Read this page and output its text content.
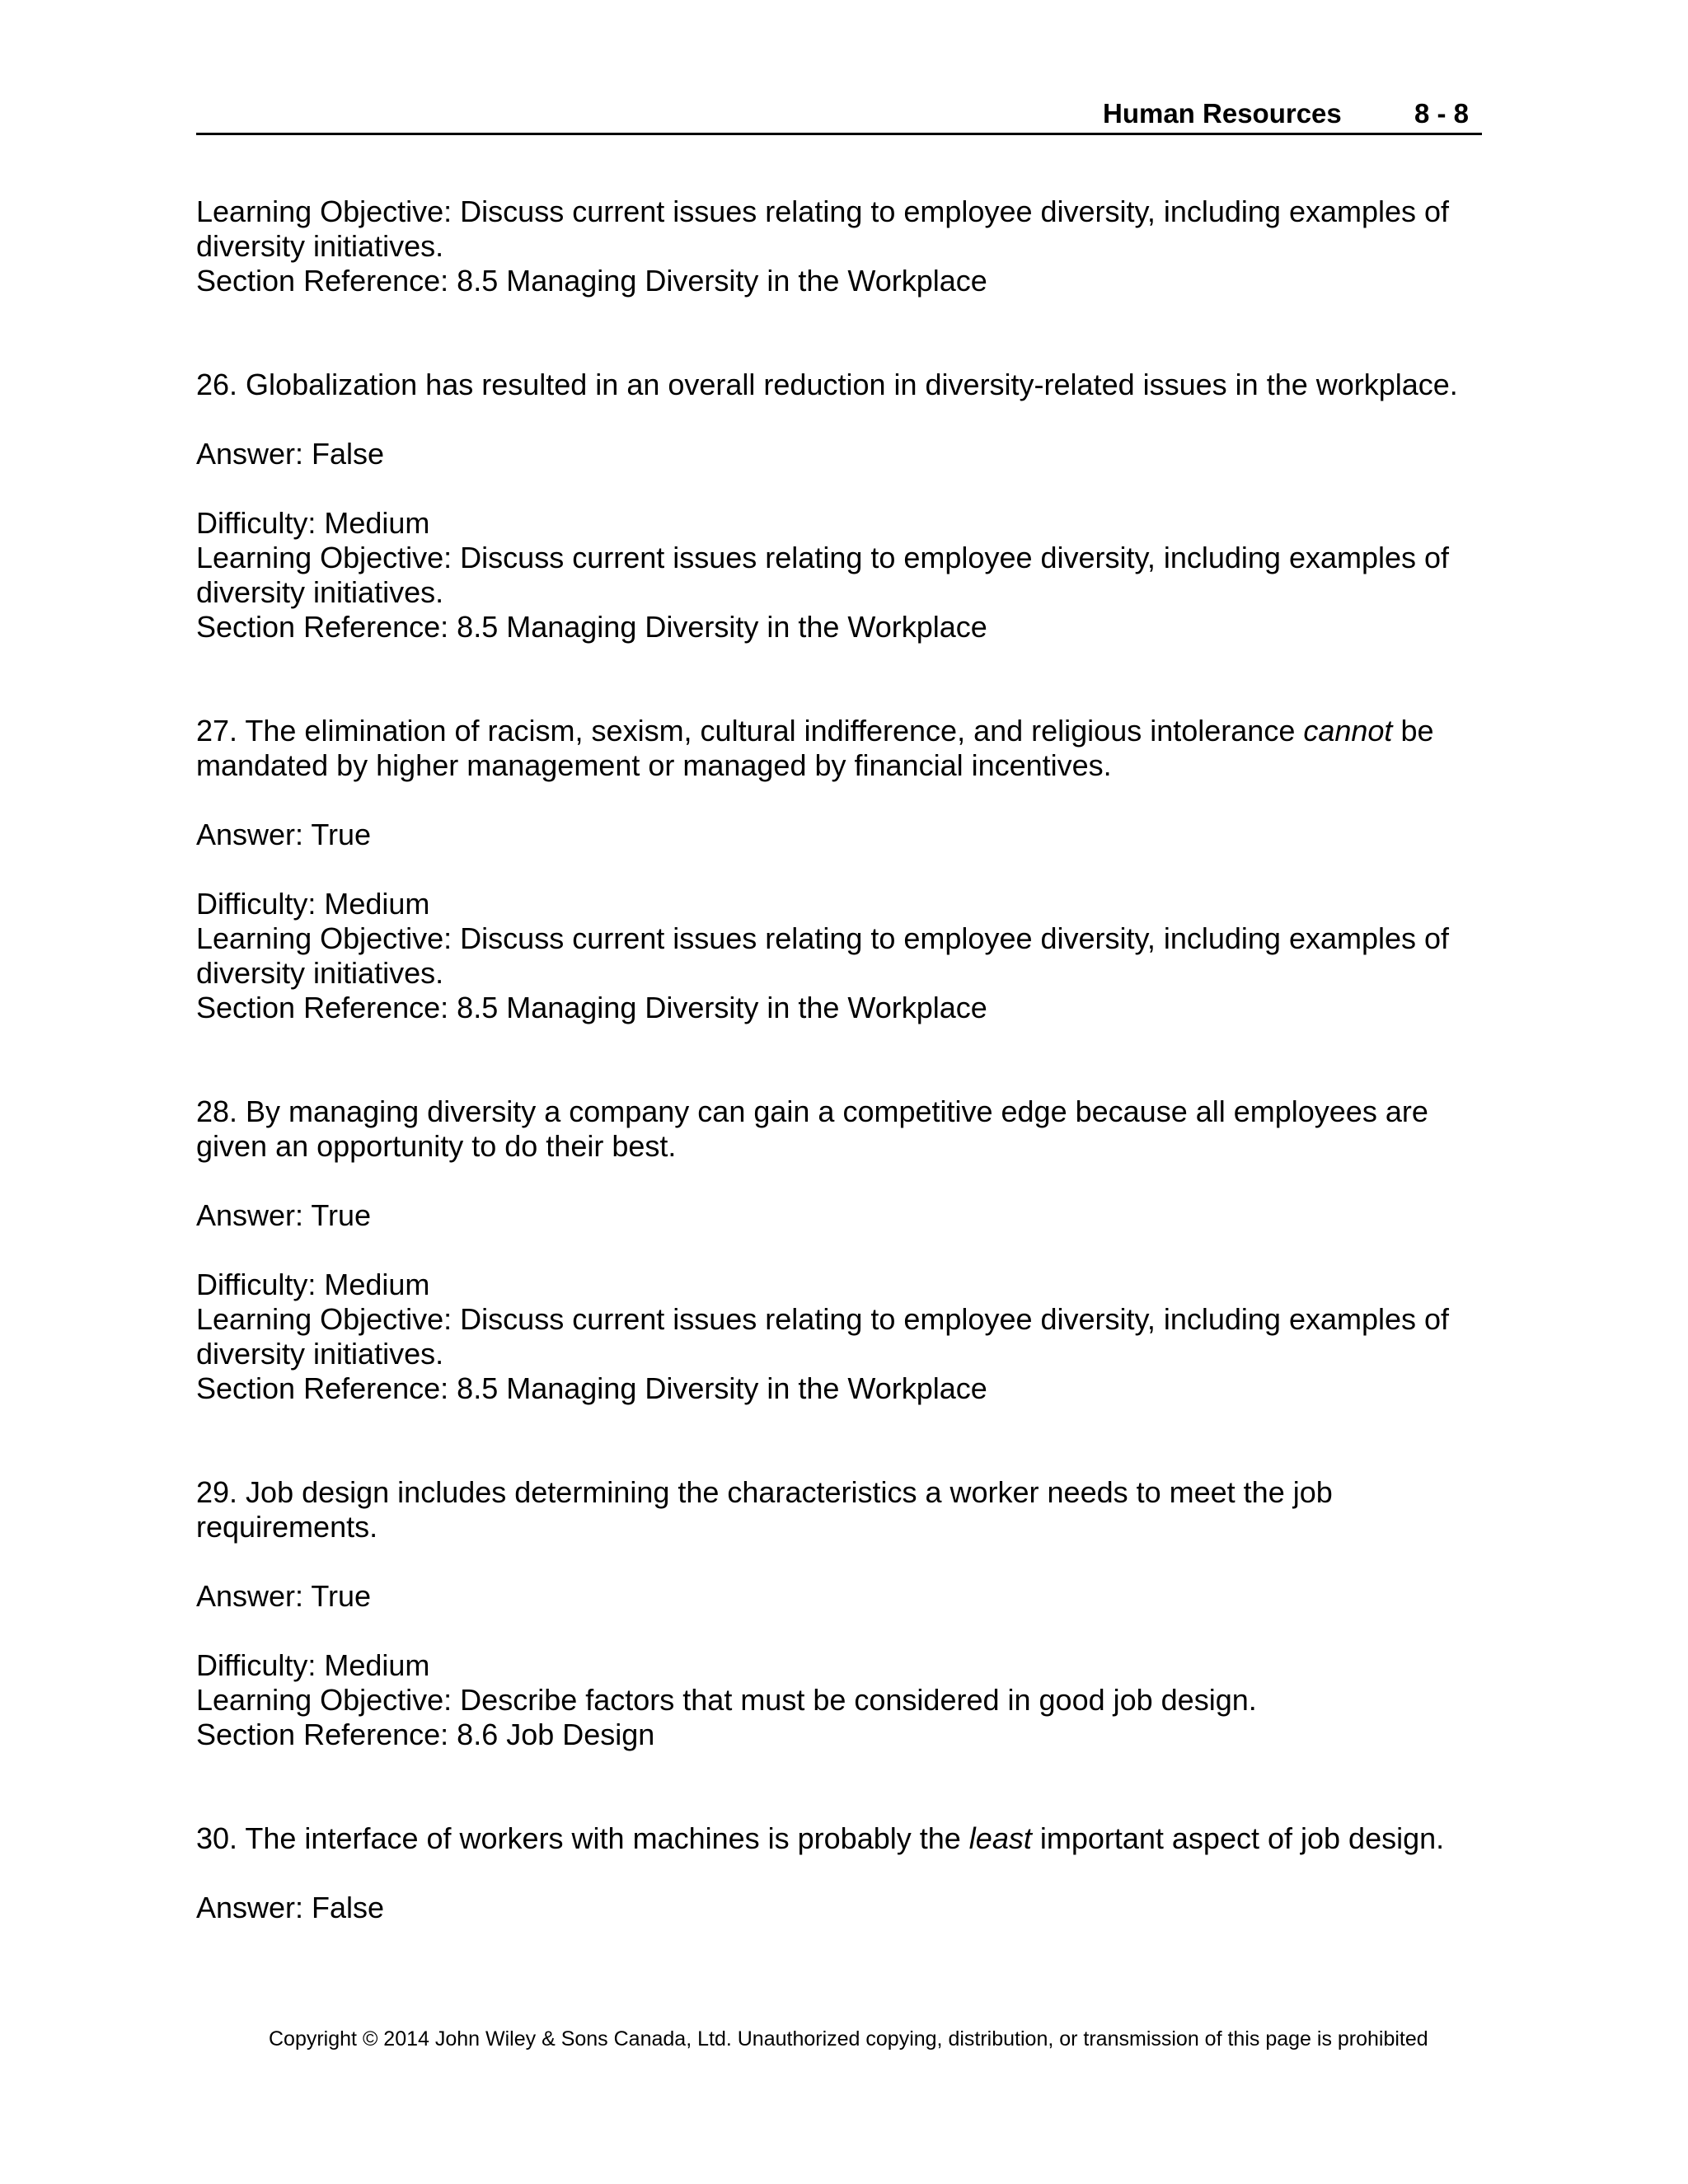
Human Resources	8 - 8
Learning Objective: Discuss current issues relating to employee diversity, including examples of
diversity initiatives.
Section Reference: 8.5 Managing Diversity in the Workplace
26. Globalization has resulted in an overall reduction in diversity-related issues in the workplace.
Answer: False
Difficulty: Medium
Learning Objective: Discuss current issues relating to employee diversity, including examples of
diversity initiatives.
Section Reference: 8.5 Managing Diversity in the Workplace
27. The elimination of racism, sexism, cultural indifference, and religious intolerance cannot be
mandated by higher management or managed by financial incentives.
Answer: True
Difficulty: Medium
Learning Objective: Discuss current issues relating to employee diversity, including examples of
diversity initiatives.
Section Reference: 8.5 Managing Diversity in the Workplace
28. By managing diversity a company can gain a competitive edge because all employees are
given an opportunity to do their best.
Answer: True
Difficulty: Medium
Learning Objective: Discuss current issues relating to employee diversity, including examples of
diversity initiatives.
Section Reference: 8.5 Managing Diversity in the Workplace
29. Job design includes determining the characteristics a worker needs to meet the job
requirements.
Answer: True
Difficulty: Medium
Learning Objective: Describe factors that must be considered in good job design.
Section Reference: 8.6 Job Design
30. The interface of workers with machines is probably the least important aspect of job design.
Answer: False
Copyright © 2014 John Wiley & Sons Canada, Ltd. Unauthorized copying, distribution, or transmission of this page is prohibited
